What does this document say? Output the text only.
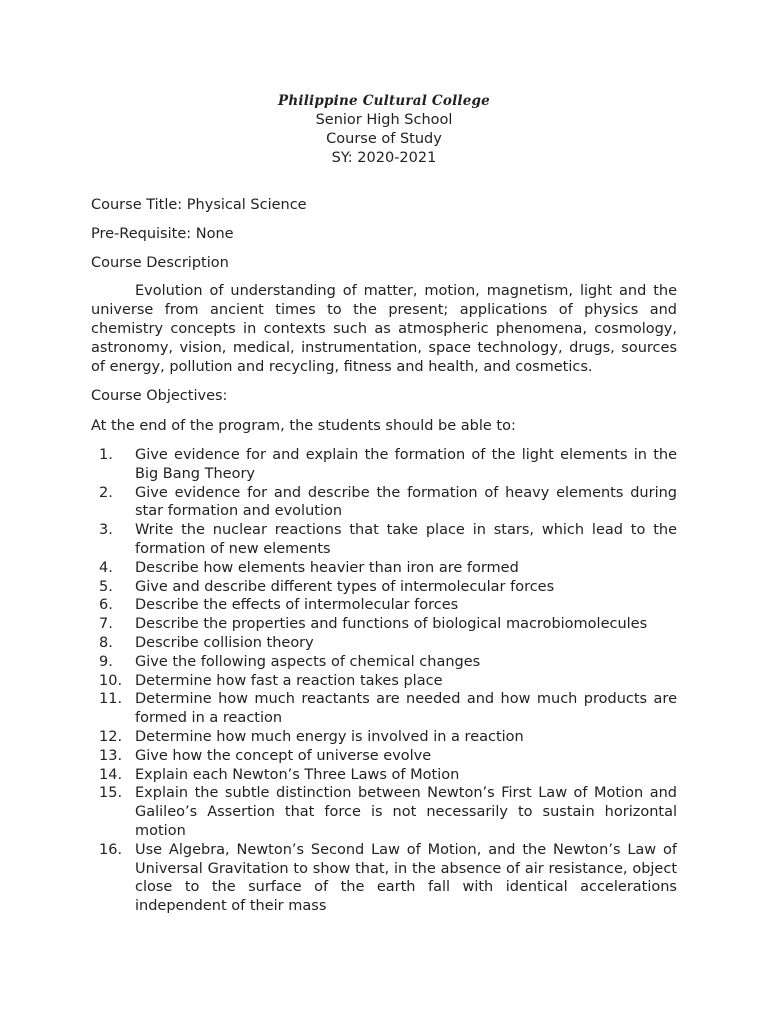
Philippine Cultural College
Senior High School
Course of Study
SY: 2020-2021
Course Title: Physical Science
Pre-Requisite: None
Course Description

Evolution of understanding of matter, motion, magnetism, light and the universe from ancient times to the present; applications of physics and chemistry concepts in contexts such as atmospheric phenomena, cosmology, astronomy, vision, medical, instrumentation, space technology, drugs, sources of energy, pollution and recycling, fitness and health, and cosmetics.

Course Objectives:
At the end of the program, the students should be able to:
1.	Give evidence for and explain the formation of the light elements in the Big Bang Theory
2.	Give evidence for and describe the formation of heavy elements during star formation and evolution
3.	Write the nuclear reactions that take place in stars, which lead to the formation of new elements
4.	Describe how elements heavier than iron are formed
5.	Give and describe different types of intermolecular forces
6.	Describe the effects of intermolecular forces
7.	Describe the properties and functions of biological macrobiomolecules
8.	Describe collision theory
9.	Give the following aspects of chemical changes
10. Determine how fast a reaction takes place
11. Determine how much reactants are needed and how much products are formed in a reaction
12. Determine how much energy is involved in a reaction
13. Give how the concept of universe evolve
14. Explain each Newton’s Three Laws of Motion
15. Explain the subtle distinction between Newton’s First Law of Motion and Galileo’s Assertion that force is not necessarily to sustain horizontal motion
16. Use Algebra, Newton’s Second Law of Motion, and the Newton’s Law of Universal Gravitation to show that, in the absence of air resistance, object close to the surface of the earth fall with identical accelerations independent of their mass
